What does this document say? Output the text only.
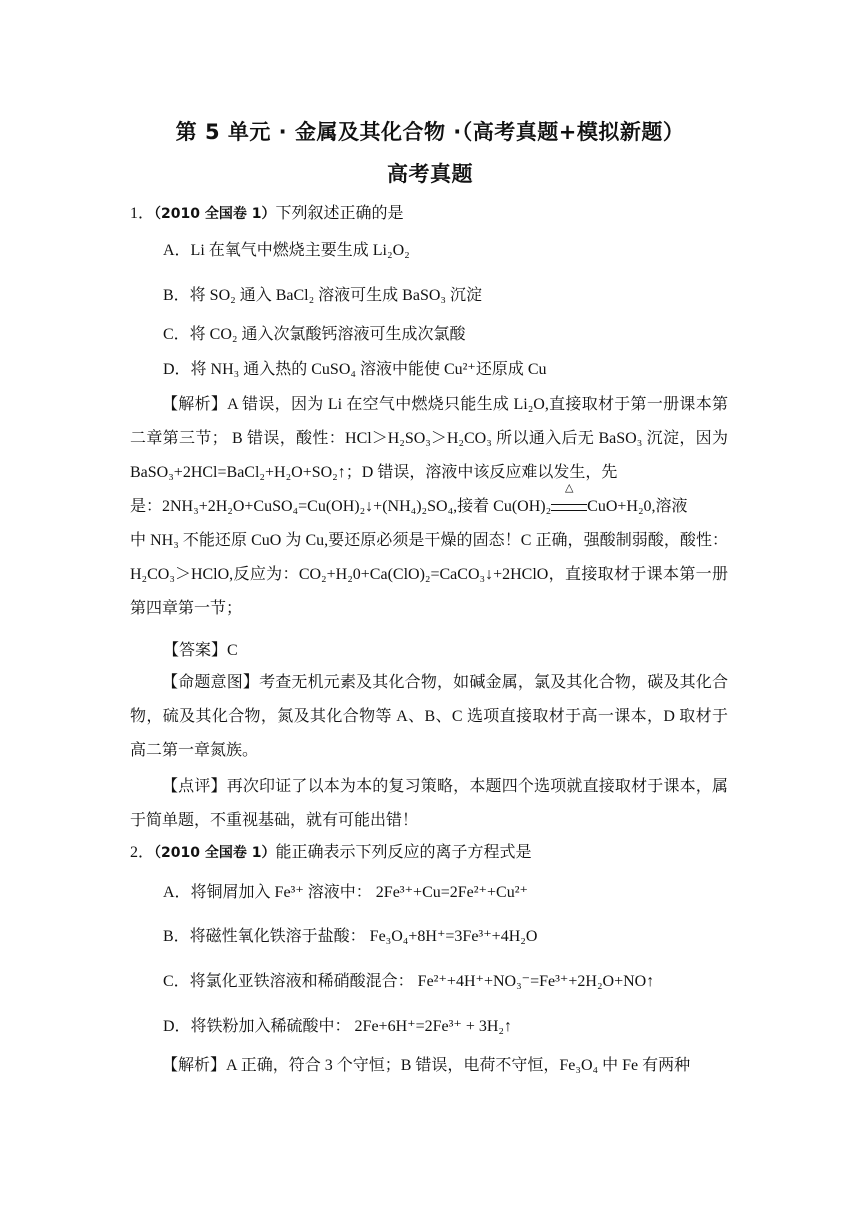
第 5 单元 · 金属及其化合物 ·（高考真题+模拟新题）
高考真题
1．（2010 全国卷 1）下列叙述正确的是
A．Li 在氧气中燃烧主要生成 Li₂O₂
B．将 SO₂ 通入 BaCl₂ 溶液可生成 BaSO₃ 沉淀
C．将 CO₂ 通入次氯酸钙溶液可生成次氯酸
D．将 NH₃ 通入热的 CuSO₄ 溶液中能使 Cu²⁺还原成 Cu
【解析】A 错误，因为 Li 在空气中燃烧只能生成 Li₂O,直接取材于第一册课本第二章第三节； B 错误，酸性：HCl＞H₂SO₃＞H₂CO₃ 所以通入后无 BaSO₃ 沉淀，因为 BaSO₃+2HCl=BaCl₂+H₂O+SO₂↑；D 错误，溶液中该反应难以发生，先
是：2NH₃+2H₂O+CuSO₄=Cu(OH)₂↓+(NH₄)₂SO₄,接着 Cu(OH)₂
△
CuO+H₂0,溶液
中 NH₃ 不能还原 CuO 为 Cu,要还原必须是干燥的固态！C 正确，强酸制弱酸，酸性：H₂CO₃＞HClO,反应为：CO₂+H₂0+Ca(ClO)₂=CaCO₃↓+2HClO，直接取材于课本第一册第四章第一节；
【答案】C
【命题意图】考查无机元素及其化合物，如碱金属，氯及其化合物，碳及其化合物，硫及其化合物，氮及其化合物等 A、B、C 选项直接取材于高一课本，D 取材于高二第一章氮族。
【点评】再次印证了以本为本的复习策略，本题四个选项就直接取材于课本，属于简单题，不重视基础，就有可能出错！
2．（2010 全国卷 1）能正确表示下列反应的离子方程式是
A．将铜屑加入 Fe³⁺ 溶液中： 2Fe³⁺+Cu=2Fe²⁺+Cu²⁺
B．将磁性氧化铁溶于盐酸： Fe₃O₄+8H⁺=3Fe³⁺+4H₂O
C．将氯化亚铁溶液和稀硝酸混合： Fe²⁺+4H⁺+NO₃⁻=Fe³⁺+2H₂O+NO↑
D．将铁粉加入稀硫酸中： 2Fe+6H⁺=2Fe³⁺ + 3H₂↑
【解析】A 正确，符合 3 个守恒；B 错误，电荷不守恒，Fe₃O₄ 中 Fe 有两种
